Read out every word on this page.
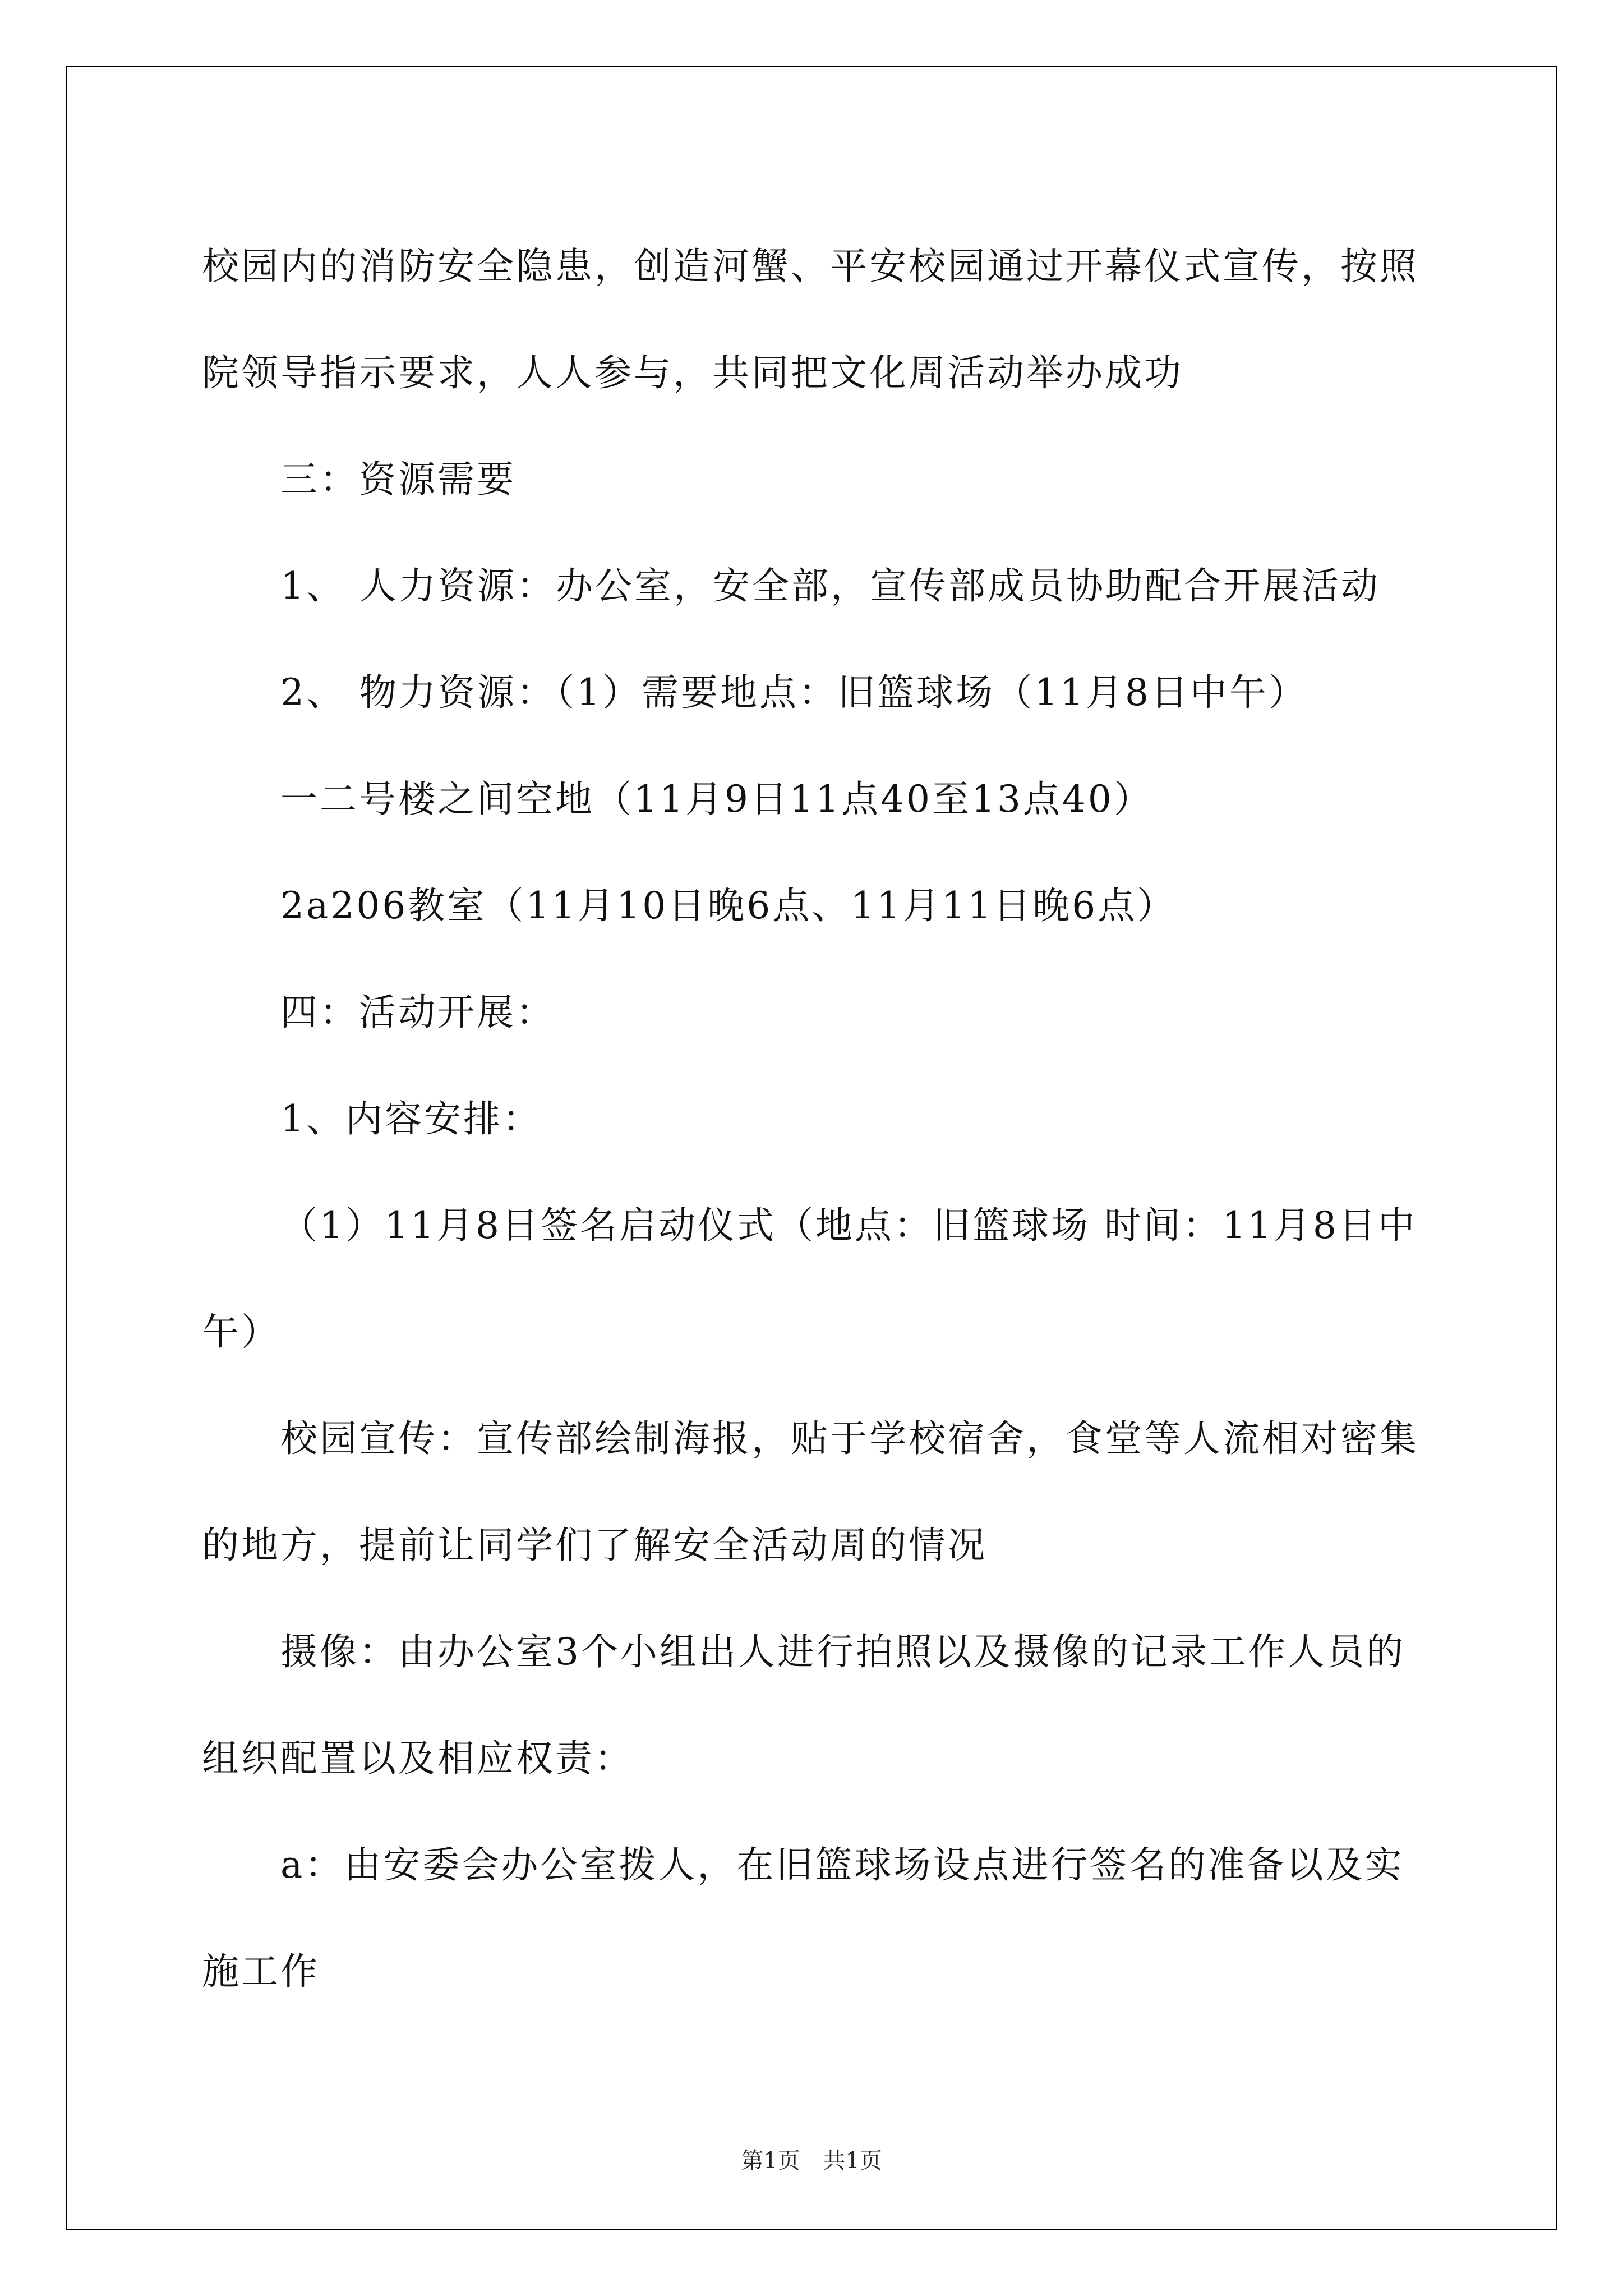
校园内的消防安全隐患，创造河蟹、平安校园通过开幕仪式宣传，按照院领导指示要求，人人参与，共同把文化周活动举办成功

三：资源需要

1、 人力资源：办公室，安全部，宣传部成员协助配合开展活动

2、 物力资源：（1）需要地点：旧篮球场（11月8日中午）

一二号楼之间空地（11月9日11点40至13点40）

2a206教室（11月10日晚6点、11月11日晚6点）

四：活动开展：

1、内容安排：

（1）11月8日签名启动仪式（地点：旧篮球场 时间：11月8日中午）

校园宣传：宣传部绘制海报，贴于学校宿舍，食堂等人流相对密集的地方，提前让同学们了解安全活动周的情况

摄像：由办公室3个小组出人进行拍照以及摄像的记录工作人员的组织配置以及相应权责：

a：由安委会办公室拨人，在旧篮球场设点进行签名的准备以及实施工作

第1页 共1页
